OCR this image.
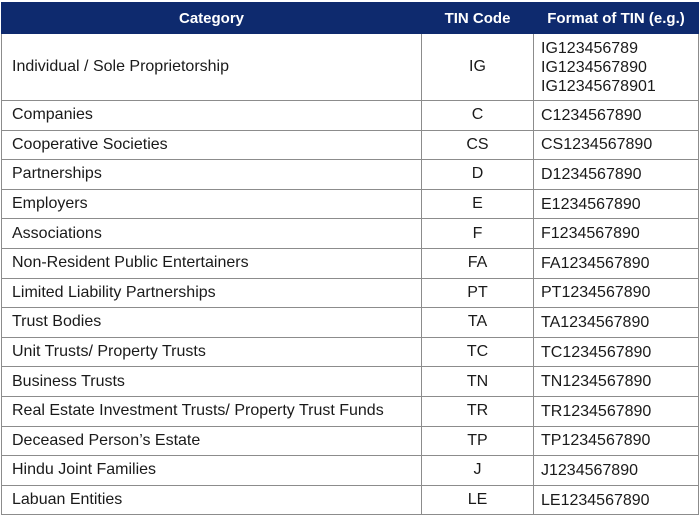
Category	TIN Code	Format of TIN (e.g.)
Individual / Sole Proprietorship	IG	IG123456789
IG1234567890
IG12345678901

Companies	C	C1234567890
Cooperative Societies	CS	CS1234567890
Partnerships	D	D1234567890
Employers	E	E1234567890
Associations	F	F1234567890
Non-Resident Public Entertainers	FA	FA1234567890
Limited Liability Partnerships	PT	PT1234567890
Trust Bodies	TA	TA1234567890
Unit Trusts/ Property Trusts	TC	TC1234567890
Business Trusts	TN	TN1234567890
Real Estate Investment Trusts/ Property Trust Funds	TR	TR1234567890
Deceased Person’s Estate	TP	TP1234567890
Hindu Joint Families	J	J1234567890
Labuan Entities	LE	LE1234567890
